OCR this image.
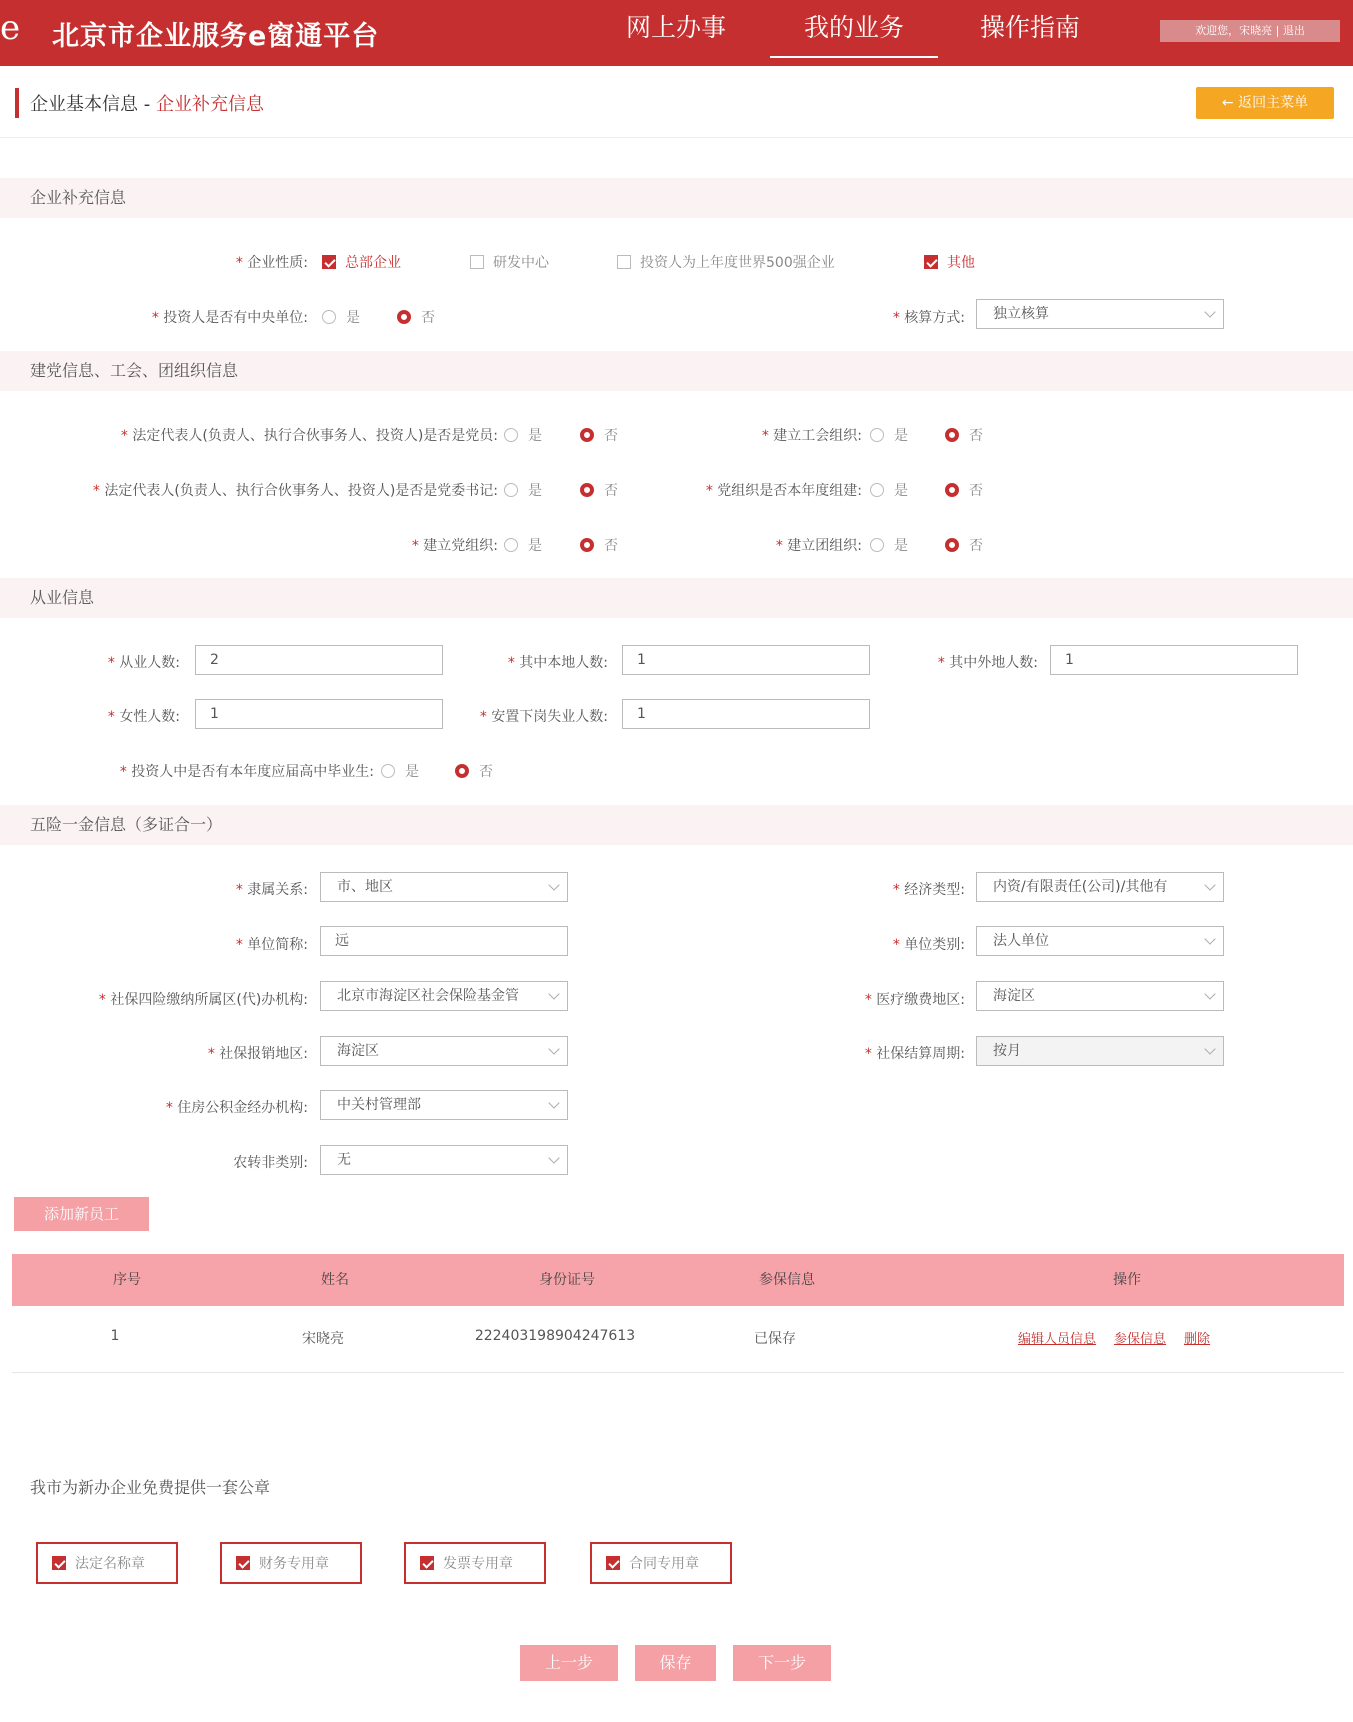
e 北京市企业服务e窗通平台	网上办事	我的业务	操作指南	欢迎您，宋晓亮 | 退出
企业基本信息 - 企业补充信息	← 返回主菜单
企业补充信息
* 企业性质:	总部企业	研发中心	投资人为上年度世界500强企业	其他
* 投资人是否有中央单位:	是	否	* 核算方式:	独立核算
建党信息、工会、团组织信息
* 法定代表人(负责人、执行合伙事务人、投资人)是否是党员: 是	否
* 法定代表人(负责人、执行合伙事务人、投资人)是否是党委书记: 是	否
* 建立党组织: 是	否
* 建立工会组织: 是	否
* 党组织是否本年度组建: 是	否
* 建立团组织: 是	否
从业信息
* 从业人数:	2	* 其中本地人数:	1	* 其中外地人数:	1
* 女性人数:	1	* 安置下岗失业人数:	1
* 投资人中是否有本年度应届高中毕业生: 是	否
五险一金信息（多证合一）
* 隶属关系:	市、地区
* 单位简称:	远
* 社保四险缴纳所属区(代)办机构:	北京市海淀区社会保险基金管
* 社保报销地区:	海淀区
* 住房公积金经办机构:	中关村管理部
农转非类别:	无
* 经济类型:	内资/有限责任(公司)/其他有
* 单位类别:	法人单位
* 医疗缴费地区:	海淀区
* 社保结算周期:	按月
添加新员工
序号	姓名	身份证号	参保信息	操作
1	宋晓亮	222403198904247613	已保存	编辑人员信息 参保信息 删除
我市为新办企业免费提供一套公章
法定名称章	财务专用章	发票专用章	合同专用章
上一步	保存	下一步
